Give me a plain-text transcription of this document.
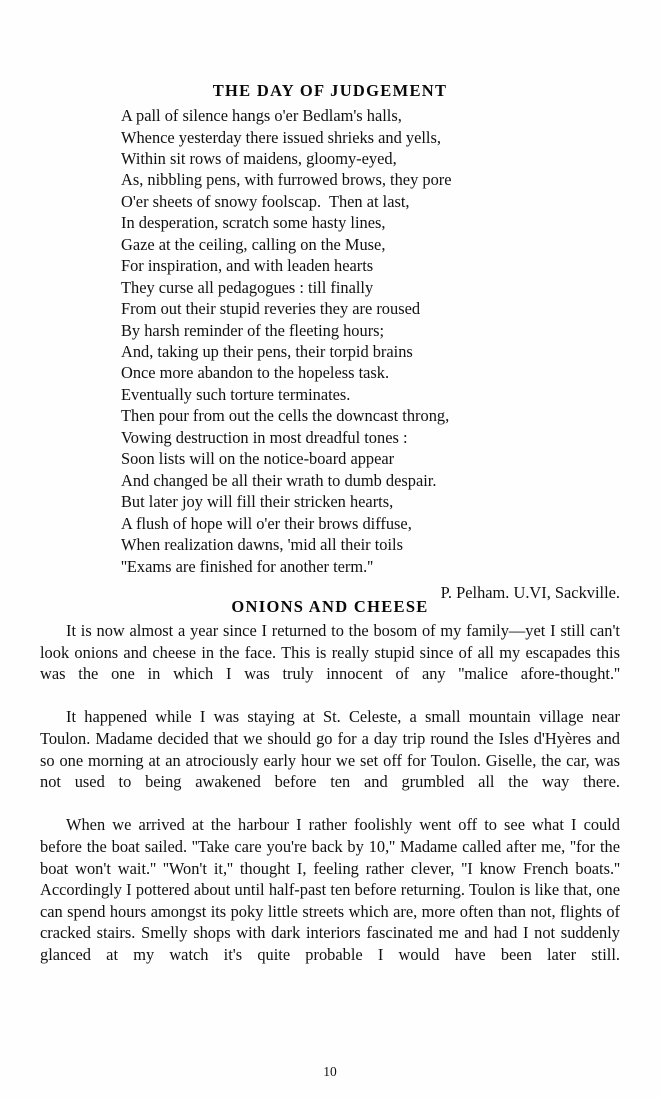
THE DAY OF JUDGEMENT
A pall of silence hangs o'er Bedlam's halls,
Whence yesterday there issued shrieks and yells,
Within sit rows of maidens, gloomy-eyed,
As, nibbling pens, with furrowed brows, they pore
O'er sheets of snowy foolscap.  Then at last,
In desperation, scratch some hasty lines,
Gaze at the ceiling, calling on the Muse,
For inspiration, and with leaden hearts
They curse all pedagogues : till finally
From out their stupid reveries they are roused
By harsh reminder of the fleeting hours;
And, taking up their pens, their torpid brains
Once more abandon to the hopeless task.
Eventually such torture terminates.
Then pour from out the cells the downcast throng,
Vowing destruction in most dreadful tones :
Soon lists will on the notice-board appear
And changed be all their wrath to dumb despair.
But later joy will fill their stricken hearts,
A flush of hope will o'er their brows diffuse,
When realization dawns, 'mid all their toils
''Exams are finished for another term.''
P. Pelham. U.VI, Sackville.
ONIONS AND CHEESE

It is now almost a year since I returned to the bosom of my family—yet I still can't look onions and cheese in the face. This is really stupid since of all my escapades this was the one in which I was truly innocent of any ''malice afore-thought.''

It happened while I was staying at St. Celeste, a small mountain village near Toulon. Madame decided that we should go for a day trip round the Isles d'Hyères and so one morning at an atrociously early hour we set off for Toulon. Giselle, the car, was not used to being awakened before ten and grumbled all the way there.

When we arrived at the harbour I rather foolishly went off to see what I could before the boat sailed. ''Take care you're back by 10,'' Madame called after me, ''for the boat won't wait.'' ''Won't it,'' thought I, feeling rather clever, ''I know French boats.'' Accordingly I pottered about until half-past ten before returning. Toulon is like that, one can spend hours amongst its poky little streets which are, more often than not, flights of cracked stairs. Smelly shops with dark interiors fascinated me and had I not suddenly glanced at my watch it's quite probable I would have been later still.

10
